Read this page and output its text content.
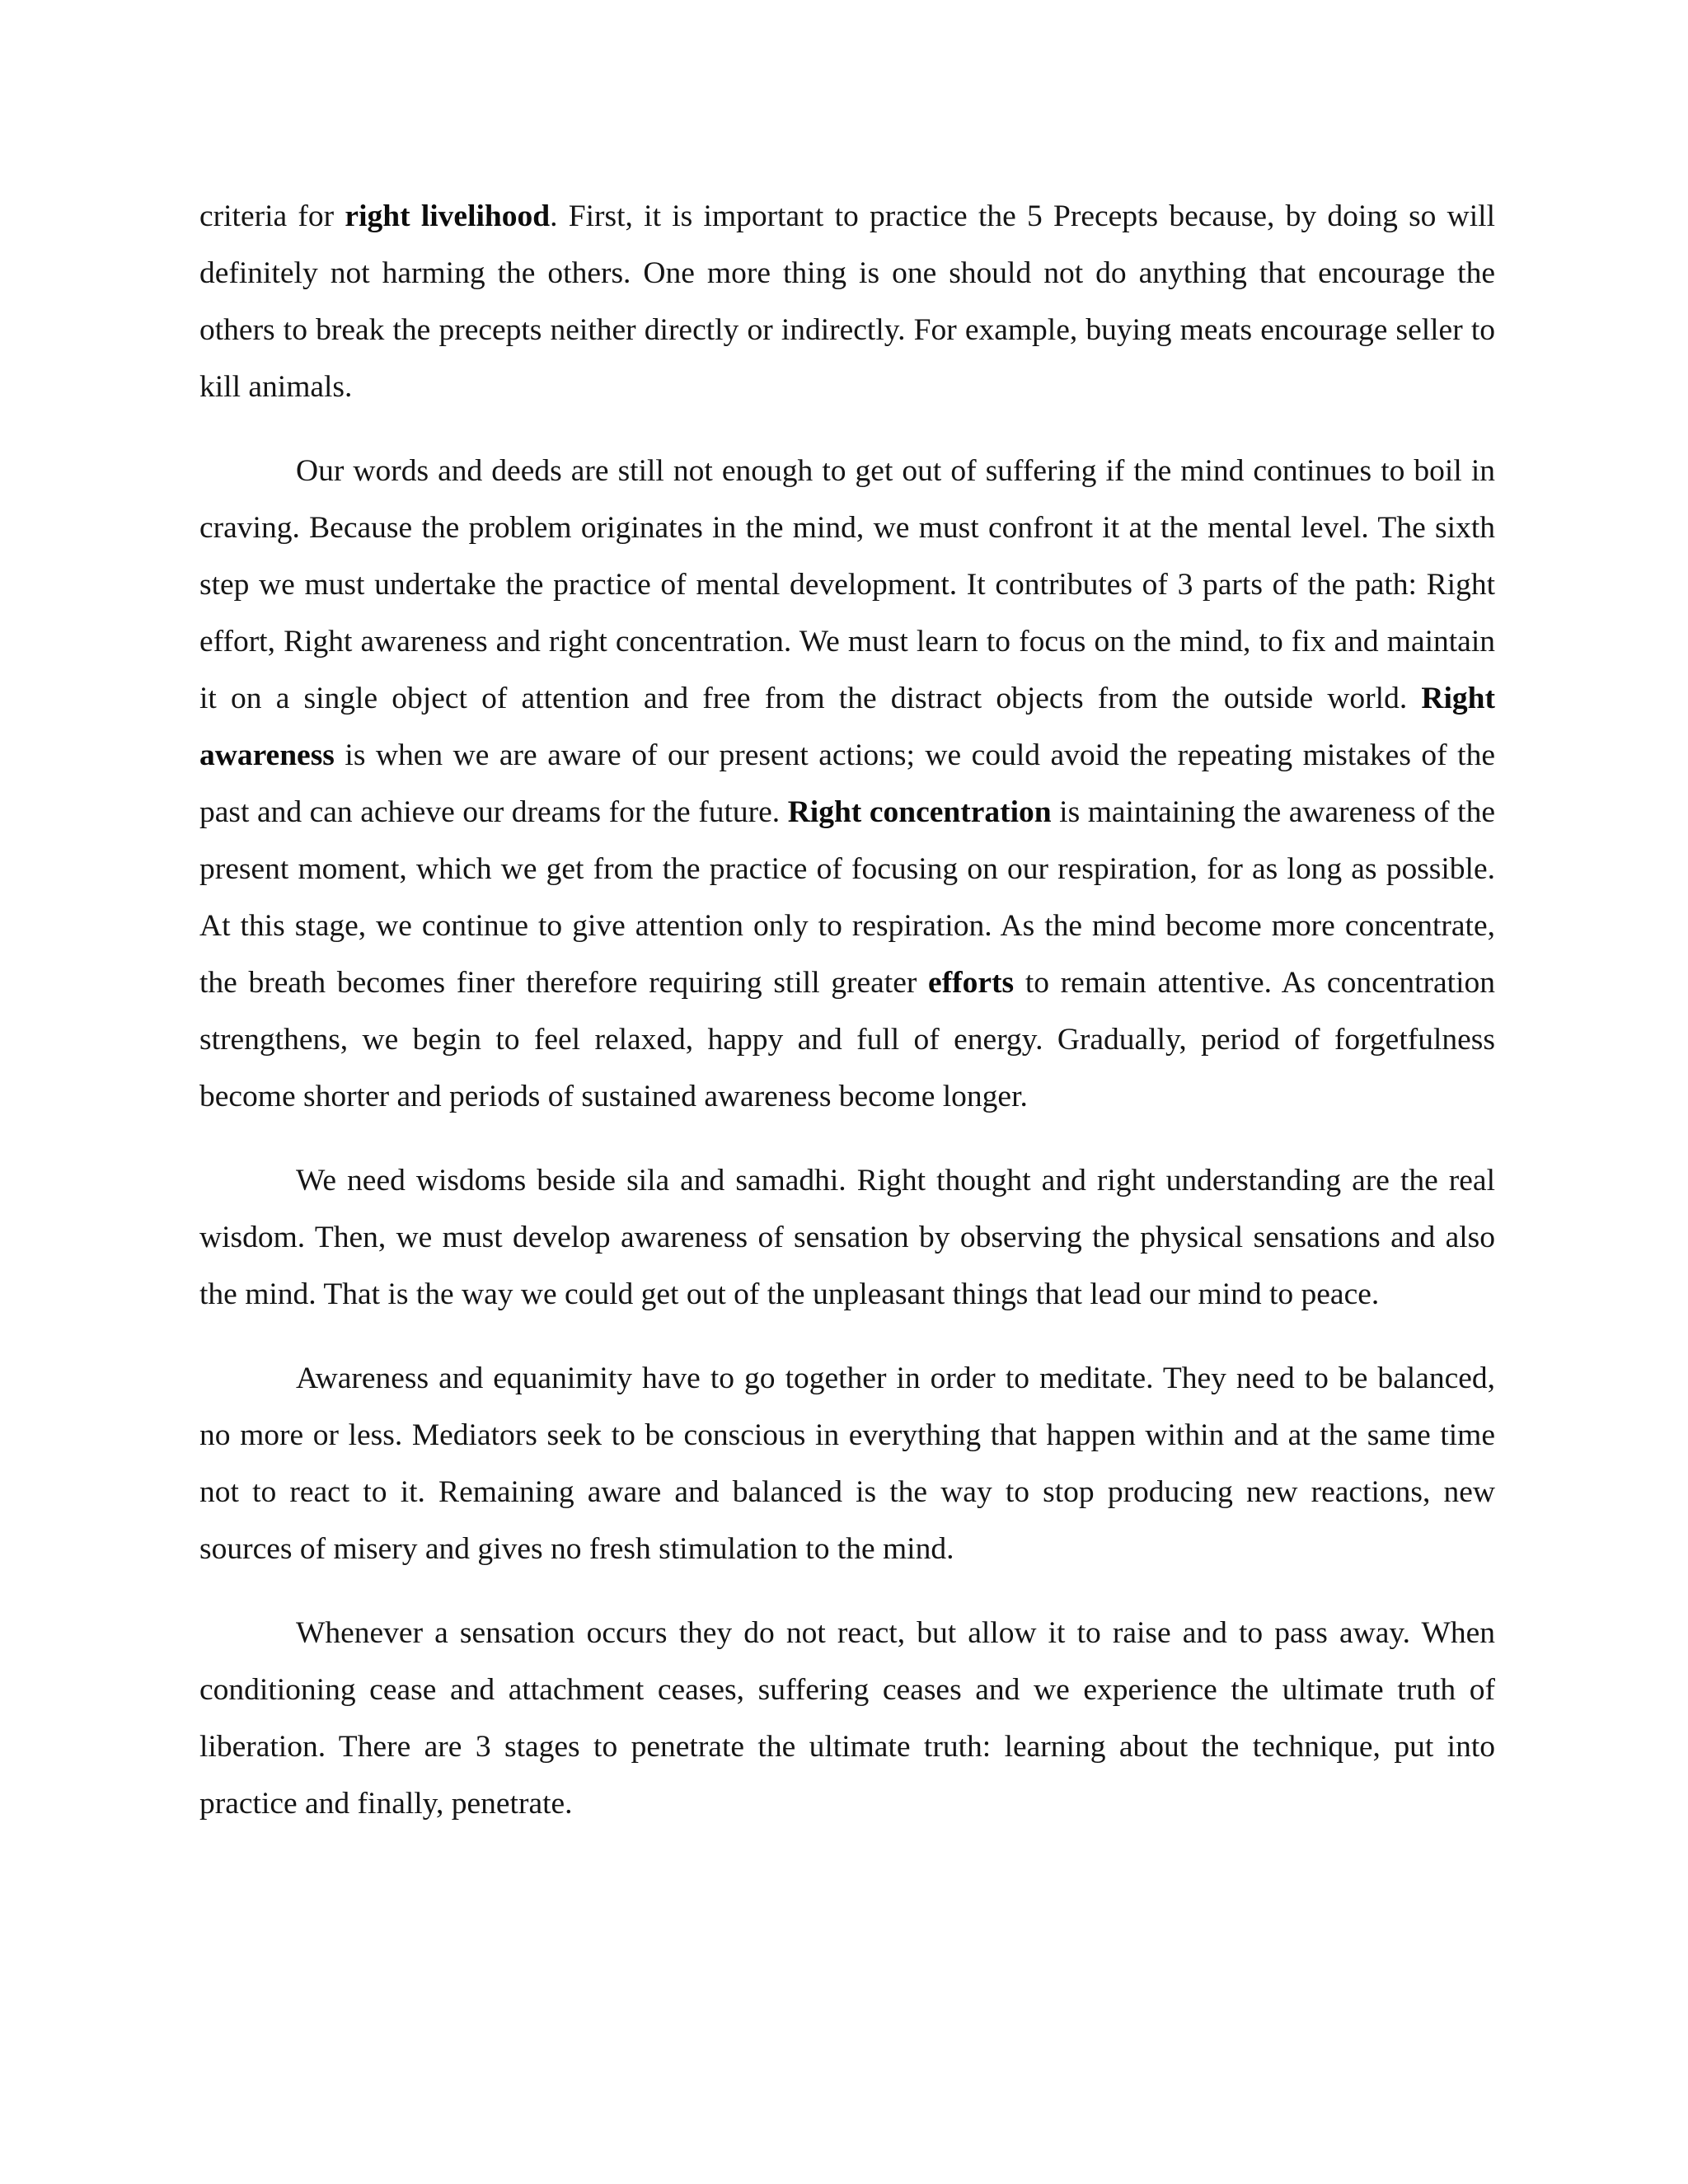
criteria for right livelihood. First, it is important to practice the 5 Precepts because, by doing so will definitely not harming the others. One more thing is one should not do anything that encourage the others to break the precepts neither directly or indirectly. For example, buying meats encourage seller to kill animals.

Our words and deeds are still not enough to get out of suffering if the mind continues to boil in craving. Because the problem originates in the mind, we must confront it at the mental level. The sixth step we must undertake the practice of mental development. It contributes of 3 parts of the path: Right effort, Right awareness and right concentration. We must learn to focus on the mind, to fix and maintain it on a single object of attention and free from the distract objects from the outside world. Right awareness is when we are aware of our present actions; we could avoid the repeating mistakes of the past and can achieve our dreams for the future. Right concentration is maintaining the awareness of the present moment, which we get from the practice of focusing on our respiration, for as long as possible. At this stage, we continue to give attention only to respiration. As the mind become more concentrate, the breath becomes finer therefore requiring still greater efforts to remain attentive. As concentration strengthens, we begin to feel relaxed, happy and full of energy. Gradually, period of forgetfulness become shorter and periods of sustained awareness become longer.

We need wisdoms beside sila and samadhi. Right thought and right understanding are the real wisdom. Then, we must develop awareness of sensation by observing the physical sensations and also the mind. That is the way we could get out of the unpleasant things that lead our mind to peace.

Awareness and equanimity have to go together in order to meditate. They need to be balanced, no more or less. Mediators seek to be conscious in everything that happen within and at the same time not to react to it. Remaining aware and balanced is the way to stop producing new reactions, new sources of misery and gives no fresh stimulation to the mind.

Whenever a sensation occurs they do not react, but allow it to raise and to pass away. When conditioning cease and attachment ceases, suffering ceases and we experience the ultimate truth of liberation. There are 3 stages to penetrate the ultimate truth: learning about the technique, put into practice and finally, penetrate.
